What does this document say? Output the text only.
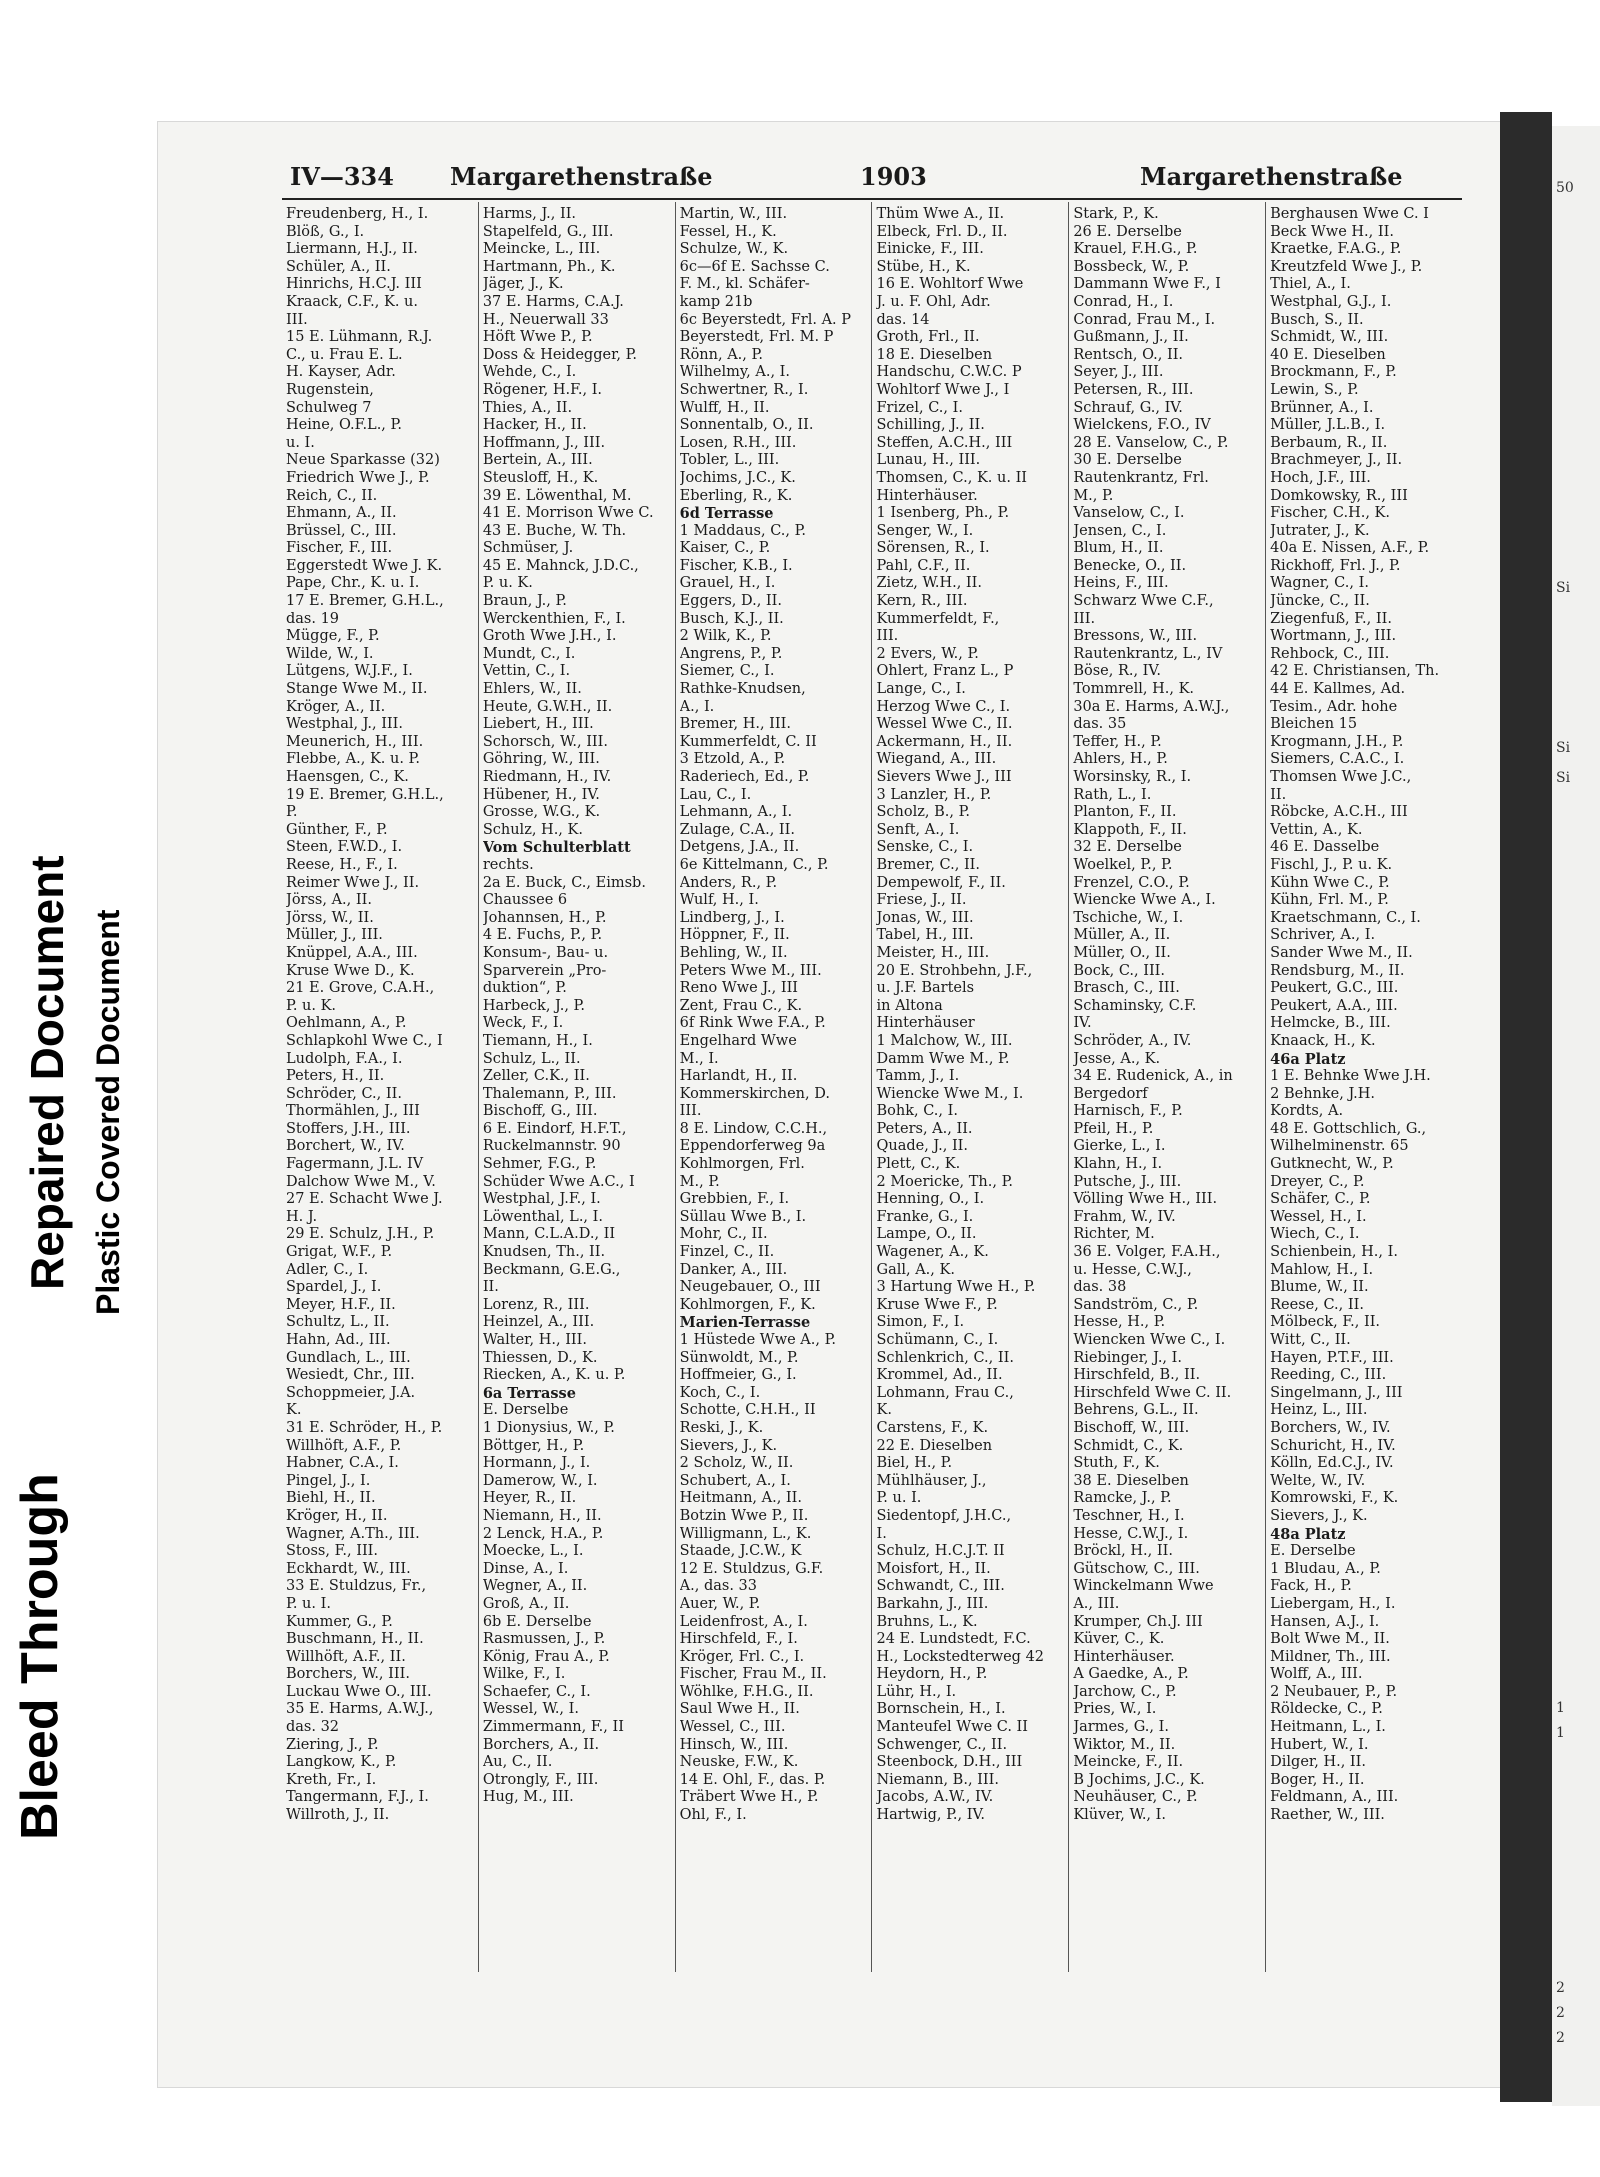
Bleed Through
Repaired Document Plastic Covered Document
50
Si
Si
Si
1
1
2
2
2
IV—334 Margarethenstraße	1903	Margarethenstraße
Freudenberg, H., I.
Blöß, G., I.
Liermann, H.J., II.
Schüler, A., II.
Hinrichs, H.C.J. III
Kraack, C.F., K. u.
III.
15 E. Lühmann, R.J.
C., u. Frau E. L.
H. Kayser, Adr.
Rugenstein,
Schulweg 7
Heine, O.F.L., P.
u. I.
Neue Sparkasse (32)
Friedrich Wwe J., P.
Reich, C., II.
Ehmann, A., II.
Brüssel, C., III.
Fischer, F., III.
Eggerstedt Wwe J. K.
Pape, Chr., K. u. I.
17 E. Bremer, G.H.L.,
das. 19
Mügge, F., P.
Wilde, W., I.
Lütgens, W.J.F., I.
Stange Wwe M., II.
Kröger, A., II.
Westphal, J., III.
Meunerich, H., III.
Flebbe, A., K. u. P.
Haensgen, C., K.
19 E. Bremer, G.H.L.,
P.
Günther, F., P.
Steen, F.W.D., I.
Reese, H., F., I.
Reimer Wwe J., II.
Jörss, A., II.
Jörss, W., II.
Müller, J., III.
Knüppel, A.A., III.
Kruse Wwe D., K.
21 E. Grove, C.A.H.,
P. u. K.
Oehlmann, A., P.
Schlapkohl Wwe C., I
Ludolph, F.A., I.
Peters, H., II.
Schröder, C., II.
Thormählen, J., III
Stoffers, J.H., III.
Borchert, W., IV.
Fagermann, J.L. IV
Dalchow Wwe M., V.
27 E. Schacht Wwe J.
H. J.
29 E. Schulz, J.H., P.
Grigat, W.F., P.
Adler, C., I.
Spardel, J., I.
Meyer, H.F., II.
Schultz, L., II.
Hahn, Ad., III.
Gundlach, L., III.
Wesiedt, Chr., III.
Schoppmeier, J.A.
K.
31 E. Schröder, H., P.
Willhöft, A.F., P.
Habner, C.A., I.
Pingel, J., I.
Biehl, H., II.
Kröger, H., II.
Wagner, A.Th., III.
Stoss, F., III.
Eckhardt, W., III.
33 E. Stuldzus, Fr.,
P. u. I.
Kummer, G., P.
Buschmann, H., II.
Willhöft, A.F., II.
Borchers, W., III.
Luckau Wwe O., III.
35 E. Harms, A.W.J.,
das. 32
Ziering, J., P.
Langkow, K., P.
Kreth, Fr., I.
Tangermann, F.J., I.
Willroth, J., II.
Harms, J., II.
Stapelfeld, G., III.
Meincke, L., III.
Hartmann, Ph., K.
Jäger, J., K.
37 E. Harms, C.A.J.
H., Neuerwall 33
Höft Wwe P., P.
Doss & Heidegger, P.
Wehde, C., I.
Rögener, H.F., I.
Thies, A., II.
Hacker, H., II.
Hoffmann, J., III.
Bertein, A., III.
Steusloff, H., K.
39 E. Löwenthal, M.
41 E. Morrison Wwe C.
43 E. Buche, W. Th.
Schmüser, J.
45 E. Mahnck, J.D.C.,
P. u. K.
Braun, J., P.
Werckenthien, F., I.
Groth Wwe J.H., I.
Mundt, C., I.
Vettin, C., I.
Ehlers, W., II.
Heute, G.W.H., II.
Liebert, H., III.
Schorsch, W., III.
Göhring, W., III.
Riedmann, H., IV.
Hübener, H., IV.
Grosse, W.G., K.
Schulz, H., K.
Vom Schulterblatt
rechts.
2a E. Buck, C., Eimsb.
Chaussee 6
Johannsen, H., P.
4 E. Fuchs, P., P.
Konsum-, Bau- u.
Sparverein „Pro-
duktion“, P.
Harbeck, J., P.
Weck, F., I.
Tiemann, H., I.
Schulz, L., II.
Zeller, C.K., II.
Thalemann, P., III.
Bischoff, G., III.
6 E. Eindorf, H.F.T.,
Ruckelmannstr. 90
Sehmer, F.G., P.
Schüder Wwe A.C., I
Westphal, J.F., I.
Löwenthal, L., I.
Mann, C.L.A.D., II
Knudsen, Th., II.
Beckmann, G.E.G.,
II.
Lorenz, R., III.
Heinzel, A., III.
Walter, H., III.
Thiessen, D., K.
Riecken, A., K. u. P.
6a Terrasse
E. Derselbe
1 Dionysius, W., P.
Böttger, H., P.
Hormann, J., I.
Damerow, W., I.
Heyer, R., II.
Niemann, H., II.
2 Lenck, H.A., P.
Moecke, L., I.
Dinse, A., I.
Wegner, A., II.
Groß, A., II.
6b E. Derselbe
Rasmussen, J., P.
König, Frau A., P.
Wilke, F., I.
Schaefer, C., I.
Wessel, W., I.
Zimmermann, F., II
Borchers, A., II.
Au, C., II.
Otrongly, F., III.
Hug, M., III.
Martin, W., III.
Fessel, H., K.
Schulze, W., K.
6c—6f E. Sachsse C.
F. M., kl. Schäfer-
kamp 21b
6c Beyerstedt, Frl. A. P
Beyerstedt, Frl. M. P
Rönn, A., P.
Wilhelmy, A., I.
Schwertner, R., I.
Wulff, H., II.
Sonnentalb, O., II.
Losen, R.H., III.
Tobler, L., III.
Jochims, J.C., K.
Eberling, R., K.
6d Terrasse
1 Maddaus, C., P.
Kaiser, C., P.
Fischer, K.B., I.
Grauel, H., I.
Eggers, D., II.
Busch, K.J., II.
2 Wilk, K., P.
Angrens, P., P.
Siemer, C., I.
Rathke-Knudsen,
A., I.
Bremer, H., III.
Kummerfeldt, C. II
3 Etzold, A., P.
Raderiech, Ed., P.
Lau, C., I.
Lehmann, A., I.
Zulage, C.A., II.
Detgens, J.A., II.
6e Kittelmann, C., P.
Anders, R., P.
Wulf, H., I.
Lindberg, J., I.
Höppner, F., II.
Behling, W., II.
Peters Wwe M., III.
Reno Wwe J., III
Zent, Frau C., K.
6f Rink Wwe F.A., P.
Engelhard Wwe
M., I.
Harlandt, H., II.
Kommerskirchen, D.
III.
8 E. Lindow, C.C.H.,
Eppendorferweg 9a
Kohlmorgen, Frl.
M., P.
Grebbien, F., I.
Süllau Wwe B., I.
Mohr, C., II.
Finzel, C., II.
Danker, A., III.
Neugebauer, O., III
Kohlmorgen, F., K.
Marien-Terrasse
1 Hüstede Wwe A., P.
Sünwoldt, M., P.
Hoffmeier, G., I.
Koch, C., I.
Schotte, C.H.H., II
Reski, J., K.
Sievers, J., K.
2 Scholz, W., II.
Schubert, A., I.
Heitmann, A., II.
Botzin Wwe P., II.
Willigmann, L., K.
Staade, J.C.W., K
12 E. Stuldzus, G.F.
A., das. 33
Auer, W., P.
Leidenfrost, A., I.
Hirschfeld, F., I.
Kröger, Frl. C., I.
Fischer, Frau M., II.
Wöhlke, F.H.G., II.
Saul Wwe H., II.
Wessel, C., III.
Hinsch, W., III.
Neuske, F.W., K.
14 E. Ohl, F., das. P.
Träbert Wwe H., P.
Ohl, F., I.
Thüm Wwe A., II.
Elbeck, Frl. D., II.
Einicke, F., III.
Stübe, H., K.
16 E. Wohltorf Wwe
J. u. F. Ohl, Adr.
das. 14
Groth, Frl., II.
18 E. Dieselben
Handschu, C.W.C. P
Wohltorf Wwe J., I
Frizel, C., I.
Schilling, J., II.
Steffen, A.C.H., III
Lunau, H., III.
Thomsen, C., K. u. II
Hinterhäuser.
1 Isenberg, Ph., P.
Senger, W., I.
Sörensen, R., I.
Pahl, C.F., II.
Zietz, W.H., II.
Kern, R., III.
Kummerfeldt, F.,
III.
2 Evers, W., P.
Ohlert, Franz L., P
Lange, C., I.
Herzog Wwe C., I.
Wessel Wwe C., II.
Ackermann, H., II.
Wiegand, A., III.
Sievers Wwe J., III
3 Lanzler, H., P.
Scholz, B., P.
Senft, A., I.
Senske, C., I.
Bremer, C., II.
Dempewolf, F., II.
Friese, J., II.
Jonas, W., III.
Tabel, H., III.
Meister, H., III.
20 E. Strohbehn, J.F.,
u. J.F. Bartels
in Altona
Hinterhäuser
1 Malchow, W., III.
Damm Wwe M., P.
Tamm, J., I.
Wiencke Wwe M., I.
Bohk, C., I.
Peters, A., II.
Quade, J., II.
Plett, C., K.
2 Moericke, Th., P.
Henning, O., I.
Franke, G., I.
Lampe, O., II.
Wagener, A., K.
Gall, A., K.
3 Hartung Wwe H., P.
Kruse Wwe F., P.
Simon, F., I.
Schümann, C., I.
Schlenkrich, C., II.
Krommel, Ad., II.
Lohmann, Frau C.,
K.
Carstens, F., K.
22 E. Dieselben
Biel, H., P.
Mühlhäuser, J.,
P. u. I.
Siedentopf, J.H.C.,
I.
Schulz, H.C.J.T. II
Moisfort, H., II.
Schwandt, C., III.
Barkahn, J., III.
Bruhns, L., K.
24 E. Lundstedt, F.C.
H., Lockstedterweg 42
Heydorn, H., P.
Lühr, H., I.
Bornschein, H., I.
Manteufel Wwe C. II
Schwenger, C., II.
Steenbock, D.H., III
Niemann, B., III.
Jacobs, A.W., IV.
Hartwig, P., IV.
Stark, P., K.
26 E. Derselbe
Krauel, F.H.G., P.
Bossbeck, W., P.
Dammann Wwe F., I
Conrad, H., I.
Conrad, Frau M., I.
Gußmann, J., II.
Rentsch, O., II.
Seyer, J., III.
Petersen, R., III.
Schrauf, G., IV.
Wielckens, F.O., IV
28 E. Vanselow, C., P.
30 E. Derselbe
Rautenkrantz, Frl.
M., P.
Vanselow, C., I.
Jensen, C., I.
Blum, H., II.
Benecke, O., II.
Heins, F., III.
Schwarz Wwe C.F.,
III.
Bressons, W., III.
Rautenkrantz, L., IV
Böse, R., IV.
Tommrell, H., K.
30a E. Harms, A.W.J.,
das. 35
Teffer, H., P.
Ahlers, H., P.
Worsinsky, R., I.
Rath, L., I.
Planton, F., II.
Klappoth, F., II.
32 E. Derselbe
Woelkel, P., P.
Frenzel, C.O., P.
Wiencke Wwe A., I.
Tschiche, W., I.
Müller, A., II.
Müller, O., II.
Bock, C., III.
Brasch, C., III.
Schaminsky, C.F.
IV.
Schröder, A., IV.
Jesse, A., K.
34 E. Rudenick, A., in
Bergedorf
Harnisch, F., P.
Pfeil, H., P.
Gierke, L., I.
Klahn, H., I.
Putsche, J., III.
Völling Wwe H., III.
Frahm, W., IV.
Richter, M.
36 E. Volger, F.A.H.,
u. Hesse, C.W.J.,
das. 38
Sandström, C., P.
Hesse, H., P.
Wiencken Wwe C., I.
Riebinger, J., I.
Hirschfeld, B., II.
Hirschfeld Wwe C. II.
Behrens, G.L., II.
Bischoff, W., III.
Schmidt, C., K.
Stuth, F., K.
38 E. Dieselben
Ramcke, J., P.
Teschner, H., I.
Hesse, C.W.J., I.
Bröckl, H., II.
Gütschow, C., III.
Winckelmann Wwe
A., III.
Krumper, Ch.J. III
Küver, C., K.
Hinterhäuser.
A Gaedke, A., P.
Jarchow, C., P.
Pries, W., I.
Jarmes, G., I.
Wiktor, M., II.
Meincke, F., II.
B Jochims, J.C., K.
Neuhäuser, C., P.
Klüver, W., I.
Berghausen Wwe C. I
Beck Wwe H., II.
Kraetke, F.A.G., P.
Kreutzfeld Wwe J., P.
Thiel, A., I.
Westphal, G.J., I.
Busch, S., II.
Schmidt, W., III.
40 E. Dieselben
Brockmann, F., P.
Lewin, S., P.
Brünner, A., I.
Müller, J.L.B., I.
Berbaum, R., II.
Brachmeyer, J., II.
Hoch, J.F., III.
Domkowsky, R., III
Fischer, C.H., K.
Jutrater, J., K.
40a E. Nissen, A.F., P.
Rickhoff, Frl. J., P.
Wagner, C., I.
Jüncke, C., II.
Ziegenfuß, F., II.
Wortmann, J., III.
Rehbock, C., III.
42 E. Christiansen, Th.
44 E. Kallmes, Ad.
Tesim., Adr. hohe
Bleichen 15
Krogmann, J.H., P.
Siemers, C.A.C., I.
Thomsen Wwe J.C.,
II.
Röbcke, A.C.H., III
Vettin, A., K.
46 E. Dasselbe
Fischl, J., P. u. K.
Kühn Wwe C., P.
Kühn, Frl. M., P.
Kraetschmann, C., I.
Schriver, A., I.
Sander Wwe M., II.
Rendsburg, M., II.
Peukert, G.C., III.
Peukert, A.A., III.
Helmcke, B., III.
Knaack, H., K.
46a Platz
1 E. Behnke Wwe J.H.
2 Behnke, J.H.
Kordts, A.
48 E. Gottschlich, G.,
Wilhelminenstr. 65
Gutknecht, W., P.
Dreyer, C., P.
Schäfer, C., P.
Wessel, H., I.
Wiech, C., I.
Schienbein, H., I.
Mahlow, H., I.
Blume, W., II.
Reese, C., II.
Mölbeck, F., II.
Witt, C., II.
Hayen, P.T.F., III.
Reeding, C., III.
Singelmann, J., III
Heinz, L., III.
Borchers, W., IV.
Schuricht, H., IV.
Kölln, Ed.C.J., IV.
Welte, W., IV.
Komrowski, F., K.
Sievers, J., K.
48a Platz
E. Derselbe
1 Bludau, A., P.
Fack, H., P.
Liebergam, H., I.
Hansen, A.J., I.
Bolt Wwe M., II.
Mildner, Th., III.
Wolff, A., III.
2 Neubauer, P., P.
Röldecke, C., P.
Heitmann, L., I.
Hubert, W., I.
Dilger, H., II.
Boger, H., II.
Feldmann, A., III.
Raether, W., III.
